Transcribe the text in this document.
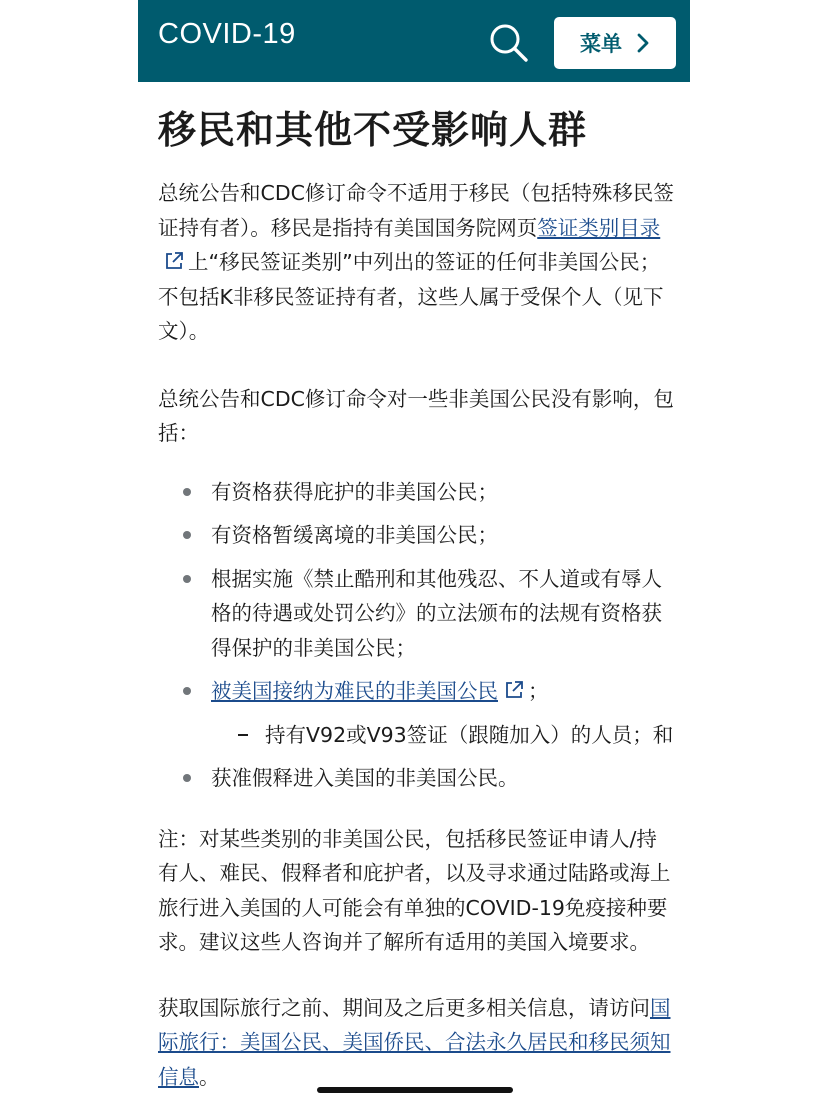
COVID-19	菜单
移民和其他不受影响人群

总统公告和CDC修订命令不适用于移民（包括特殊移民签证持有者）。移民是指持有美国国务院网页签证类别目录上“移民签证类别”中列出的签证的任何非美国公民；不包括K非移民签证持有者，这些人属于受保个人（见下文）。

总统公告和CDC修订命令对一些非美国公民没有影响，包括：

有资格获得庇护的非美国公民；
有资格暂缓离境的非美国公民；
根据实施《禁止酷刑和其他残忍、不人道或有辱人格的待遇或处罚公约》的立法颁布的法规有资格获得保护的非美国公民；
被美国接纳为难民的非美国公民 ；
持有V92或V93签证（跟随加入）的人员；和
获准假释进入美国的非美国公民。

注：对某些类别的非美国公民，包括移民签证申请人/持有人、难民、假释者和庇护者，以及寻求通过陆路或海上旅行进入美国的人可能会有单独的COVID-19免疫接种要求。建议这些人咨询并了解所有适用的美国入境要求。

获取国际旅行之前、期间及之后更多相关信息，请访问国际旅行：美国公民、美国侨民、合法永久居民和移民须知信息。
